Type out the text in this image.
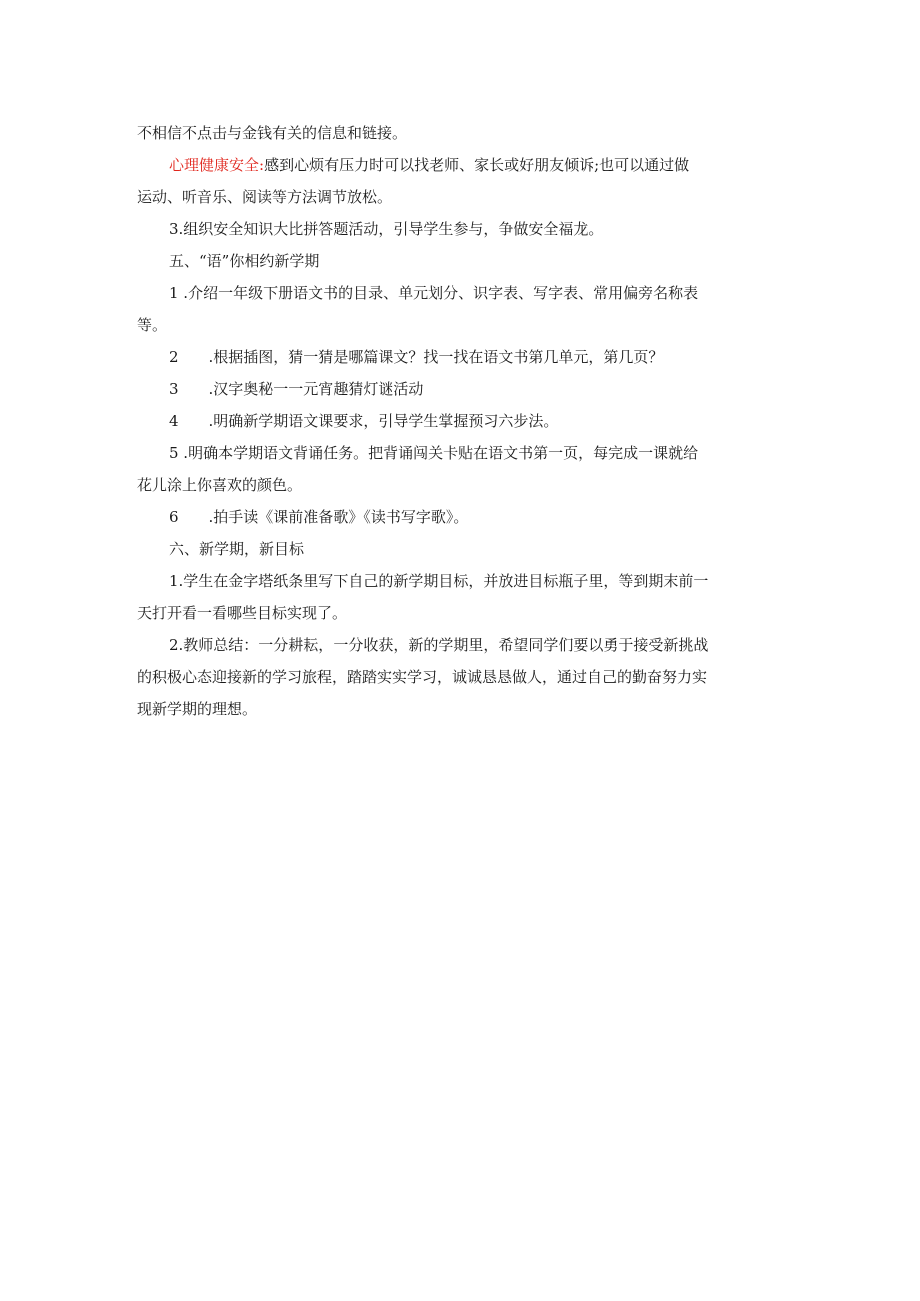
不相信不点击与金钱有关的信息和链接。

心理健康安全:感到心烦有压力时可以找老师、家长或好朋友倾诉;也可以通过做

运动、听音乐、阅读等方法调节放松。

3.组织安全知识大比拼答题活动，引导学生参与，争做安全福龙。

五、“语”你相约新学期

1 .介绍一年级下册语文书的目录、单元划分、识字表、写字表、常用偏旁名称表

等。

2　　.根据插图，猜一猜是哪篇课文？找一找在语文书第几单元，第几页？

3　　.汉字奥秘一一元宵趣猜灯谜活动

4　　.明确新学期语文课要求，引导学生掌握预习六步法。

5 .明确本学期语文背诵任务。把背诵闯关卡贴在语文书第一页，每完成一课就给

花儿涂上你喜欢的颜色。

6　　.拍手读《课前准备歌》《读书写字歌》。

六、新学期，新目标

1.学生在金字塔纸条里写下自己的新学期目标，并放进目标瓶子里，等到期末前一

天打开看一看哪些目标实现了。

2.教师总结：一分耕耘，一分收获，新的学期里，希望同学们要以勇于接受新挑战

的积极心态迎接新的学习旅程，踏踏实实学习，诚诚恳恳做人，通过自己的勤奋努力实

现新学期的理想。
